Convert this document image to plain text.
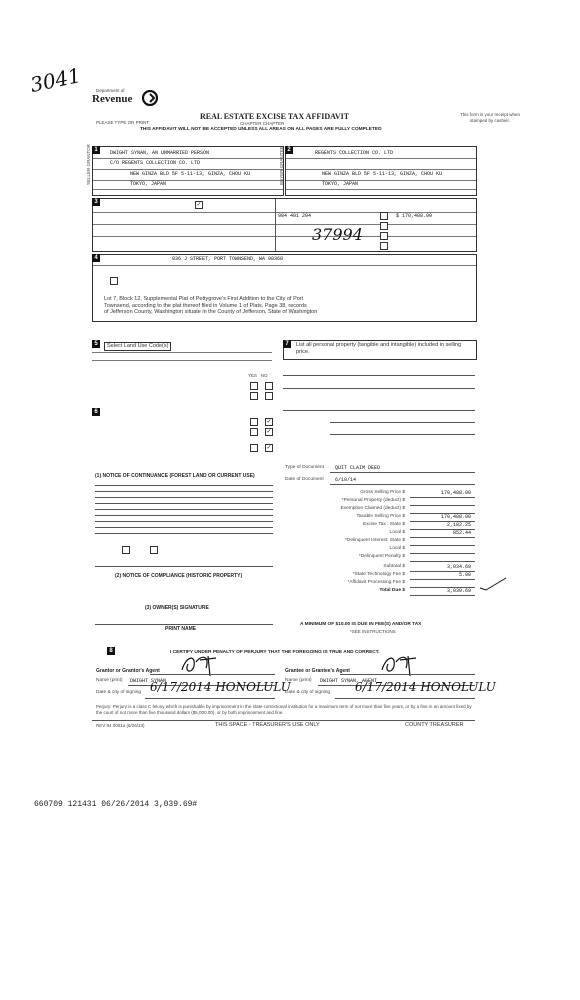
3041	Department of
Revenue
PLEASE TYPE OR PRINT
REAL ESTATE EXCISE TAX AFFIDAVIT
CHAPTER CHAPTER
THIS AFFIDAVIT WILL NOT BE ACCEPTED UNLESS ALL AREAS ON ALL PAGES ARE FULLY COMPLETED
This form is your receipt when stamped by cashier.
1
SELLER GRANTOR	DWIGHT SYNAN, AN UNMARRIED PERSON
C/O REGENTS COLLECTION CO. LTD
NEW GINZA BLD 5F 5-11-13, GINZA, CHOU KU
TOKYO, JAPAN
2
BUYER GRANTEE	REGENTS COLLECTION CO. LTD
NEW GINZA BLD 5F 5-11-13, GINZA, CHOU KU
TOKYO, JAPAN
3	✓
984 401 204	$ 170,488.00
37994
4	836 J STREET, PORT TOWNSEND, WA 98368
Lot 7, Block 12, Supplemental Plat of Pettygrove's First Addition to the City of Port
Townsend, according to the plat thereof filed in Volume 1 of Plats, Page 38, records
of Jefferson County, Washington situate in the County of Jefferson, State of Washington
5	Select Land Use Code(s)
YES   NO
6
✓
✓
✓
(1) NOTICE OF CONTINUANCE (FOREST LAND OR CURRENT USE)
(2) NOTICE OF COMPLIANCE (HISTORIC PROPERTY)
(3) OWNER(S) SIGNATURE
PRINT NAME
7	List all personal property (tangible and intangible) included in selling price.
Type of Document QUIT CLAIM DEED
Date of Document 6/10/14
Gross Selling Price $	170,488.00
*Personal Property (deduct) $
Exemption Claimed (deduct) $
Taxable Selling Price $	170,488.00
Excise Tax : State $	2,182.25
Local $	852.44
*Delinquent Interest: State $
Local $
*Delinquent Penalty $
Subtotal $	3,034.69
*State Technology Fee $	5.00
*Affidavit Processing Fee $
Total Due $	3,039.69
A MINIMUM OF $10.00 IS DUE IN FEE(S) AND/OR TAX
*SEE INSTRUCTIONS
8	I CERTIFY UNDER PENALTY OF PERJURY THAT THE FOREGOING IS TRUE AND CORRECT.
Grantor or Grantor's Agent	Grantee or Grantee's Agent
Name (print) DWIGHT SYNAN	Name (print) DWIGHT SYNAN, AGENT
Date & city of signing 6/17/2014 HONOLULU
Date & city of signing 6/17/2014 HONOLULU
Perjury: Perjury is a class C felony which is punishable by imprisonment in the state correctional institution for a maximum term of not more than five years, or by a fine in an amount fixed by the court of not more than five thousand dollars ($5,000.00), or by both imprisonment and fine.
REV 84 0001a (6/26/13)	THIS SPACE - TREASURER'S USE ONLY	COUNTY TREASURER
660709 121431 06/26/2014 3,039.69#
